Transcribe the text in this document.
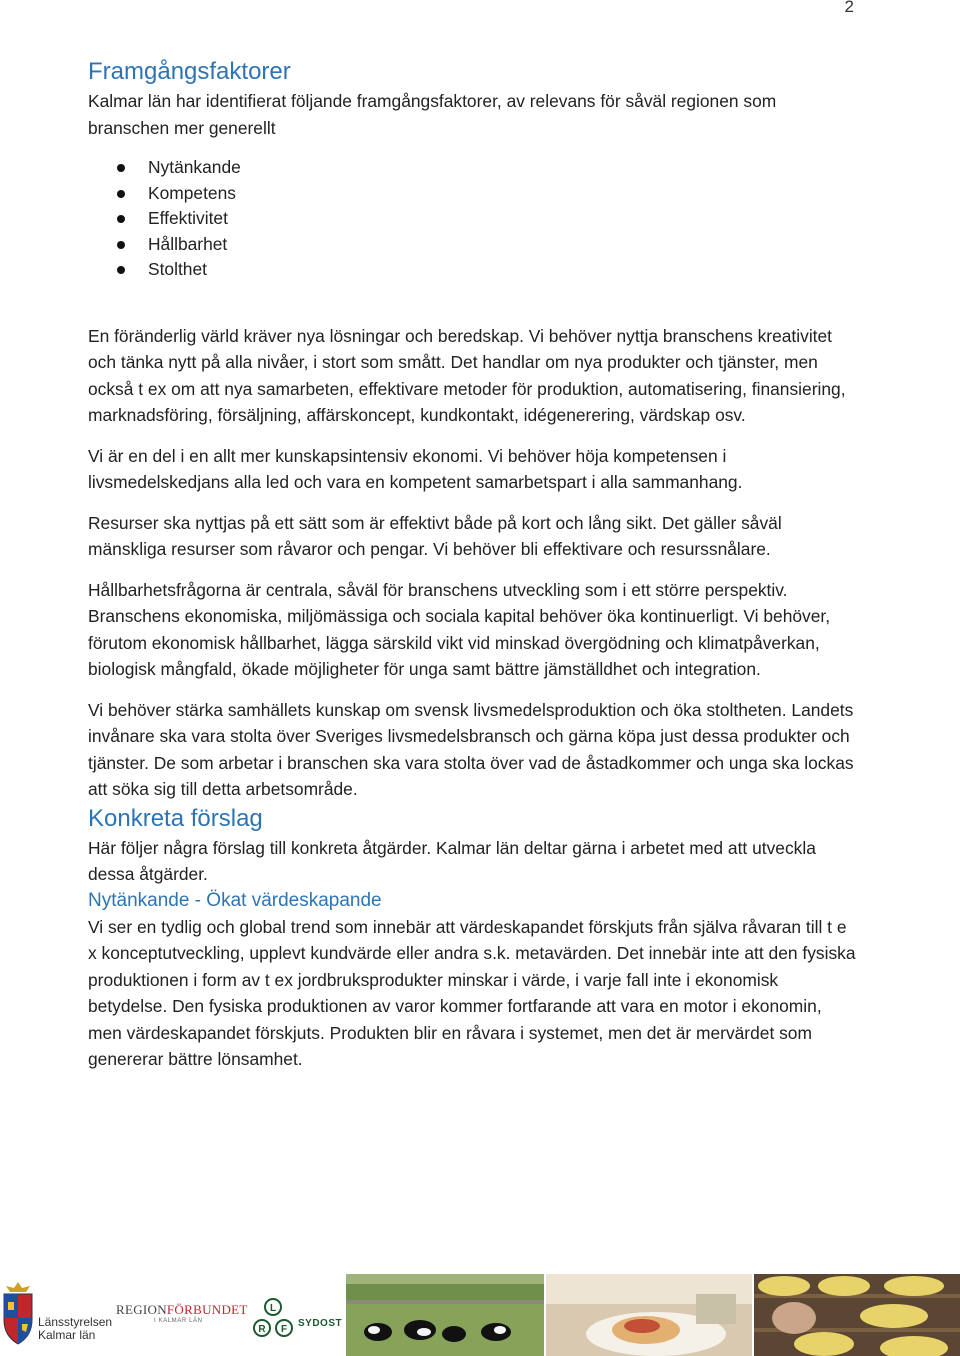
2
Framgångsfaktorer

Kalmar län har identifierat följande framgångsfaktorer, av relevans för såväl regionen som branschen mer generellt

Nytänkande
Kompetens
Effektivitet
Hållbarhet
Stolthet

En föränderlig värld kräver nya lösningar och beredskap. Vi behöver nyttja branschens kreativitet och tänka nytt på alla nivåer, i stort som smått. Det handlar om nya produkter och tjänster, men också t ex om att nya samarbeten, effektivare metoder för produktion, automatisering, finansiering, marknadsföring, försäljning, affärskoncept, kundkontakt, idégenerering, värdskap osv.

Vi är en del i en allt mer kunskapsintensiv ekonomi. Vi behöver höja kompetensen i livsmedelskedjans alla led och vara en kompetent samarbetspart i alla sammanhang.

Resurser ska nyttjas på ett sätt som är effektivt både på kort och lång sikt. Det gäller såväl mänskliga resurser som råvaror och pengar. Vi behöver bli effektivare och resurssnålare.

Hållbarhetsfrågorna är centrala, såväl för branschens utveckling som i ett större perspektiv. Branschens ekonomiska, miljömässiga och sociala kapital behöver öka kontinuerligt. Vi behöver, förutom ekonomisk hållbarhet, lägga särskild vikt vid minskad övergödning och klimatpåverkan, biologisk mångfald, ökade möjligheter för unga samt bättre jämställdhet och integration.

Vi behöver stärka samhällets kunskap om svensk livsmedelsproduktion och öka stoltheten. Landets invånare ska vara stolta över Sveriges livsmedelsbransch och gärna köpa just dessa produkter och tjänster. De som arbetar i branschen ska vara stolta över vad de åstadkommer och unga ska lockas att söka sig till detta arbetsområde.

Konkreta förslag

Här följer några förslag till konkreta åtgärder. Kalmar län deltar gärna i arbetet med att utveckla dessa åtgärder.

Nytänkande - Ökat värdeskapande

Vi ser en tydlig och global trend som innebär att värdeskapandet förskjuts från själva råvaran till t e x konceptutveckling, upplevt kundvärde eller andra s.k. metavärden. Det innebär inte att den fysiska produktionen i form av t ex jordbruksprodukter minskar i värde, i varje fall inte i ekonomisk betydelse. Den fysiska produktionen av varor kommer fortfarande att vara en motor i ekonomin, men värdeskapandet förskjuts. Produkten blir en råvara i systemet, men det är mervärdet som genererar bättre lönsamhet.

Länsstyrelsen
Kalmar län
REGIONFÖRBUNDET
I KALMAR LÄN
L
R F
SYDOST
